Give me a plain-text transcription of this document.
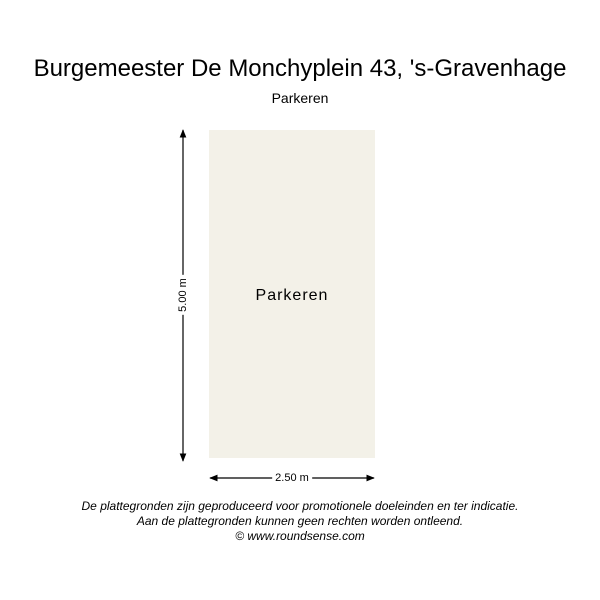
Burgemeester De Monchyplein 43, 's-Gravenhage
Parkeren
Parkeren
5.00 m
2.50 m
De plattegronden zijn geproduceerd voor promotionele doeleinden en ter indicatie.
Aan de plattegronden kunnen geen rechten worden ontleend.
© www.roundsense.com
